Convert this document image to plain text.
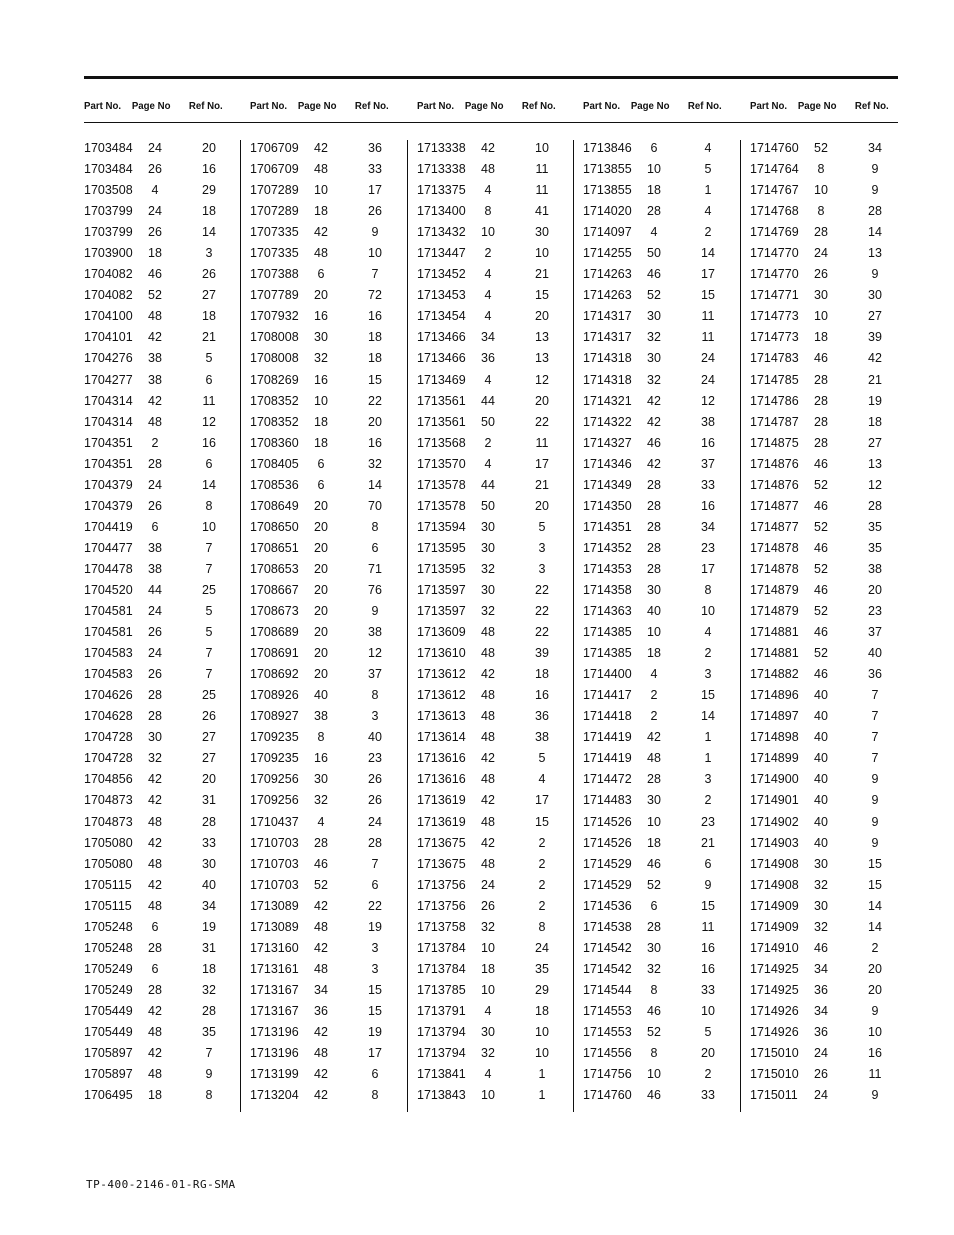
Part No. Page No Ref No.	Part No. Page No Ref No.	Part No. Page No Ref No.	Part No. Page No Ref No.	Part No. Page No Ref No.
1703484	24	20
1703484	26	16
1703508	4	29
1703799	24	18
1703799	26	14
1703900	18	3
1704082	46	26
1704082	52	27
1704100	48	18
1704101	42	21
1704276	38	5
1704277	38	6
1704314	42	11
1704314	48	12
1704351	2	16
1704351	28	6
1704379	24	14
1704379	26	8
1704419	6	10
1704477	38	7
1704478	38	7
1704520	44	25
1704581	24	5
1704581	26	5
1704583	24	7
1704583	26	7
1704626	28	25
1704628	28	26
1704728	30	27
1704728	32	27
1704856	42	20
1704873	42	31
1704873	48	28
1705080	42	33
1705080	48	30
1705115	42	40
1705115	48	34
1705248	6	19
1705248	28	31
1705249	6	18
1705249	28	32
1705449	42	28
1705449	48	35
1705897	42	7
1705897	48	9
1706495	18	8
1706709	42	36
1706709	48	33
1707289	10	17
1707289	18	26
1707335	42	9
1707335	48	10
1707388	6	7
1707789	20	72
1707932	16	16
1708008	30	18
1708008	32	18
1708269	16	15
1708352	10	22
1708352	18	20
1708360	18	16
1708405	6	32
1708536	6	14
1708649	20	70
1708650	20	8
1708651	20	6
1708653	20	71
1708667	20	76
1708673	20	9
1708689	20	38
1708691	20	12
1708692	20	37
1708926	40	8
1708927	38	3
1709235	8	40
1709235	16	23
1709256	30	26
1709256	32	26
1710437	4	24
1710703	28	28
1710703	46	7
1710703	52	6
1713089	42	22
1713089	48	19
1713160	42	3
1713161	48	3
1713167	34	15
1713167	36	15
1713196	42	19
1713196	48	17
1713199	42	6
1713204	42	8
1713338	42	10
1713338	48	11
1713375	4	11
1713400	8	41
1713432	10	30
1713447	2	10
1713452	4	21
1713453	4	15
1713454	4	20
1713466	34	13
1713466	36	13
1713469	4	12
1713561	44	20
1713561	50	22
1713568	2	11
1713570	4	17
1713578	44	21
1713578	50	20
1713594	30	5
1713595	30	3
1713595	32	3
1713597	30	22
1713597	32	22
1713609	48	22
1713610	48	39
1713612	42	18
1713612	48	16
1713613	48	36
1713614	48	38
1713616	42	5
1713616	48	4
1713619	42	17
1713619	48	15
1713675	42	2
1713675	48	2
1713756	24	2
1713756	26	2
1713758	32	8
1713784	10	24
1713784	18	35
1713785	10	29
1713791	4	18
1713794	30	10
1713794	32	10
1713841	4	1
1713843	10	1
1713846	6	4
1713855	10	5
1713855	18	1
1714020	28	4
1714097	4	2
1714255	50	14
1714263	46	17
1714263	52	15
1714317	30	11
1714317	32	11
1714318	30	24
1714318	32	24
1714321	42	12
1714322	42	38
1714327	46	16
1714346	42	37
1714349	28	33
1714350	28	16
1714351	28	34
1714352	28	23
1714353	28	17
1714358	30	8
1714363	40	10
1714385	10	4
1714385	18	2
1714400	4	3
1714417	2	15
1714418	2	14
1714419	42	1
1714419	48	1
1714472	28	3
1714483	30	2
1714526	10	23
1714526	18	21
1714529	46	6
1714529	52	9
1714536	6	15
1714538	28	11
1714542	30	16
1714542	32	16
1714544	8	33
1714553	46	10
1714553	52	5
1714556	8	20
1714756	10	2
1714760	46	33
1714760	52	34
1714764	8	9
1714767	10	9
1714768	8	28
1714769	28	14
1714770	24	13
1714770	26	9
1714771	30	30
1714773	10	27
1714773	18	39
1714783	46	42
1714785	28	21
1714786	28	19
1714787	28	18
1714875	28	27
1714876	46	13
1714876	52	12
1714877	46	28
1714877	52	35
1714878	46	35
1714878	52	38
1714879	46	20
1714879	52	23
1714881	46	37
1714881	52	40
1714882	46	36
1714896	40	7
1714897	40	7
1714898	40	7
1714899	40	7
1714900	40	9
1714901	40	9
1714902	40	9
1714903	40	9
1714908	30	15
1714908	32	15
1714909	30	14
1714909	32	14
1714910	46	2
1714925	34	20
1714925	36	20
1714926	34	9
1714926	36	10
1715010	24	16
1715010	26	11
1715011	24	9
TP-400-2146-01-RG-SMA
